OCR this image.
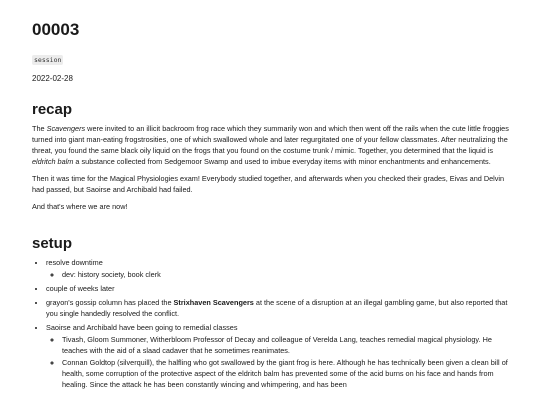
00003
session
2022-02-28
recap

The Scavengers were invited to an illicit backroom frog race which they summarily won and which then went off the rails when the cute little froggies turned into giant man-eating frogstrosities, one of which swallowed whole and later regurgitated one of your fellow classmates. After neutralizing the threat, you found the same black oily liquid on the frogs that you found on the costume trunk / mimic. Together, you determined that the liquid is eldritch balm a substance collected from Sedgemoor Swamp and used to imbue everyday items with minor enchantments and enhancements.

Then it was time for the Magical Physiologies exam! Everybody studied together, and afterwards when you checked their grades, Eivas and Delvin had passed, but Saoirse and Archibald had failed.

And that's where we are now!

setup
• resolve downtime
◦ dev: history society, book clerk
• couple of weeks later
• grayon's gossip column has placed the Strixhaven Scavengers at the scene of a disruption at an illegal gambling game, but also reported that you single handedly resolved the conflict.
• Saoirse and Archibald have been going to remedial classes
◦ Tivash, Gloom Summoner, Witherbloom Professor of Decay and colleague of Verelda Lang, teaches remedial magical physiology. He teaches with the aid of a slaad cadaver that he sometimes reanimates.
◦ Connan Goldtop (silverquill), the halfling who got swallowed by the giant frog is here. Although he has technically been given a clean bill of health, some corruption of the protective aspect of the eldritch balm has prevented some of the acid burns on his face and hands from healing. Since the attack he has been constantly wincing and whimpering, and has been
